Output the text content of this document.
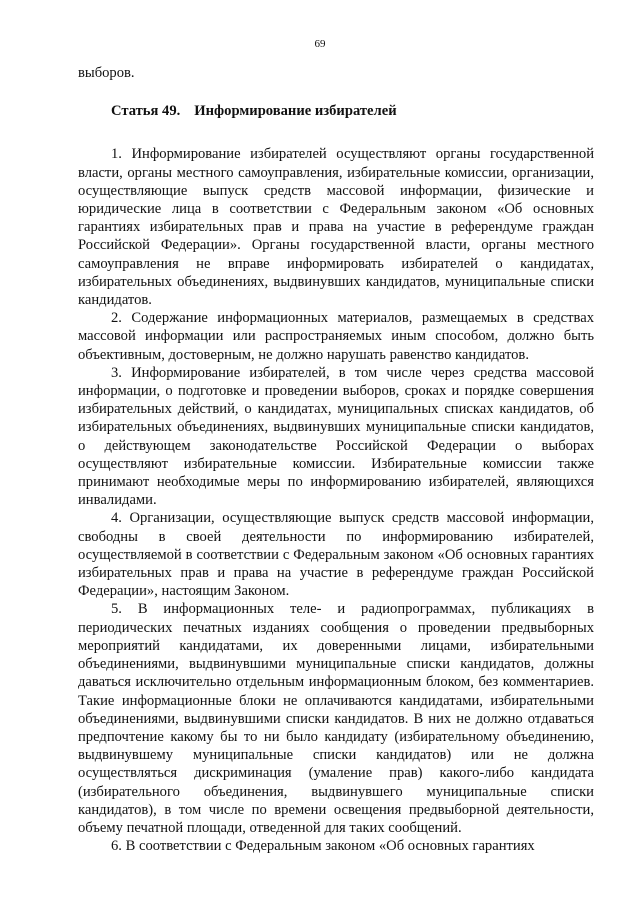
69

выборов.

Статья 49. Информирование избирателей

1. Информирование избирателей осуществляют органы государственной власти, органы местного самоуправления, избирательные комиссии, организации, осуществляющие выпуск средств массовой информации, физические и юридические лица в соответствии с Федеральным законом «Об основных гарантиях избирательных прав и права на участие в референдуме граждан Российской Федерации». Органы государственной власти, органы местного самоуправления не вправе информировать избирателей о кандидатах, избирательных объединениях, выдвинувших кандидатов, муниципальные списки кандидатов.

2. Содержание информационных материалов, размещаемых в средствах массовой информации или распространяемых иным способом, должно быть объективным, достоверным, не должно нарушать равенство кандидатов.

3. Информирование избирателей, в том числе через средства массовой информации, о подготовке и проведении выборов, сроках и порядке совершения избирательных действий, о кандидатах, муниципальных списках кандидатов, об избирательных объединениях, выдвинувших муниципальные списки кандидатов, о действующем законодательстве Российской Федерации о выборах осуществляют избирательные комиссии. Избирательные комиссии также принимают необходимые меры по информированию избирателей, являющихся инвалидами.

4. Организации, осуществляющие выпуск средств массовой информации, свободны в своей деятельности по информированию избирателей, осуществляемой в соответствии с Федеральным законом «Об основных гарантиях избирательных прав и права на участие в референдуме граждан Российской Федерации», настоящим Законом.

5. В информационных теле- и радиопрограммах, публикациях в периодических печатных изданиях сообщения о проведении предвыборных мероприятий кандидатами, их доверенными лицами, избирательными объединениями, выдвинувшими муниципальные списки кандидатов, должны даваться исключительно отдельным информационным блоком, без комментариев. Такие информационные блоки не оплачиваются кандидатами, избирательными объединениями, выдвинувшими списки кандидатов. В них не должно отдаваться предпочтение какому бы то ни было кандидату (избирательному объединению, выдвинувшему муниципальные списки кандидатов) или не должна осуществляться дискриминация (умаление прав) какого-либо кандидата (избирательного объединения, выдвинувшего муниципальные списки кандидатов), в том числе по времени освещения предвыборной деятельности, объему печатной площади, отведенной для таких сообщений.

6. В соответствии с Федеральным законом «Об основных гарантиях
